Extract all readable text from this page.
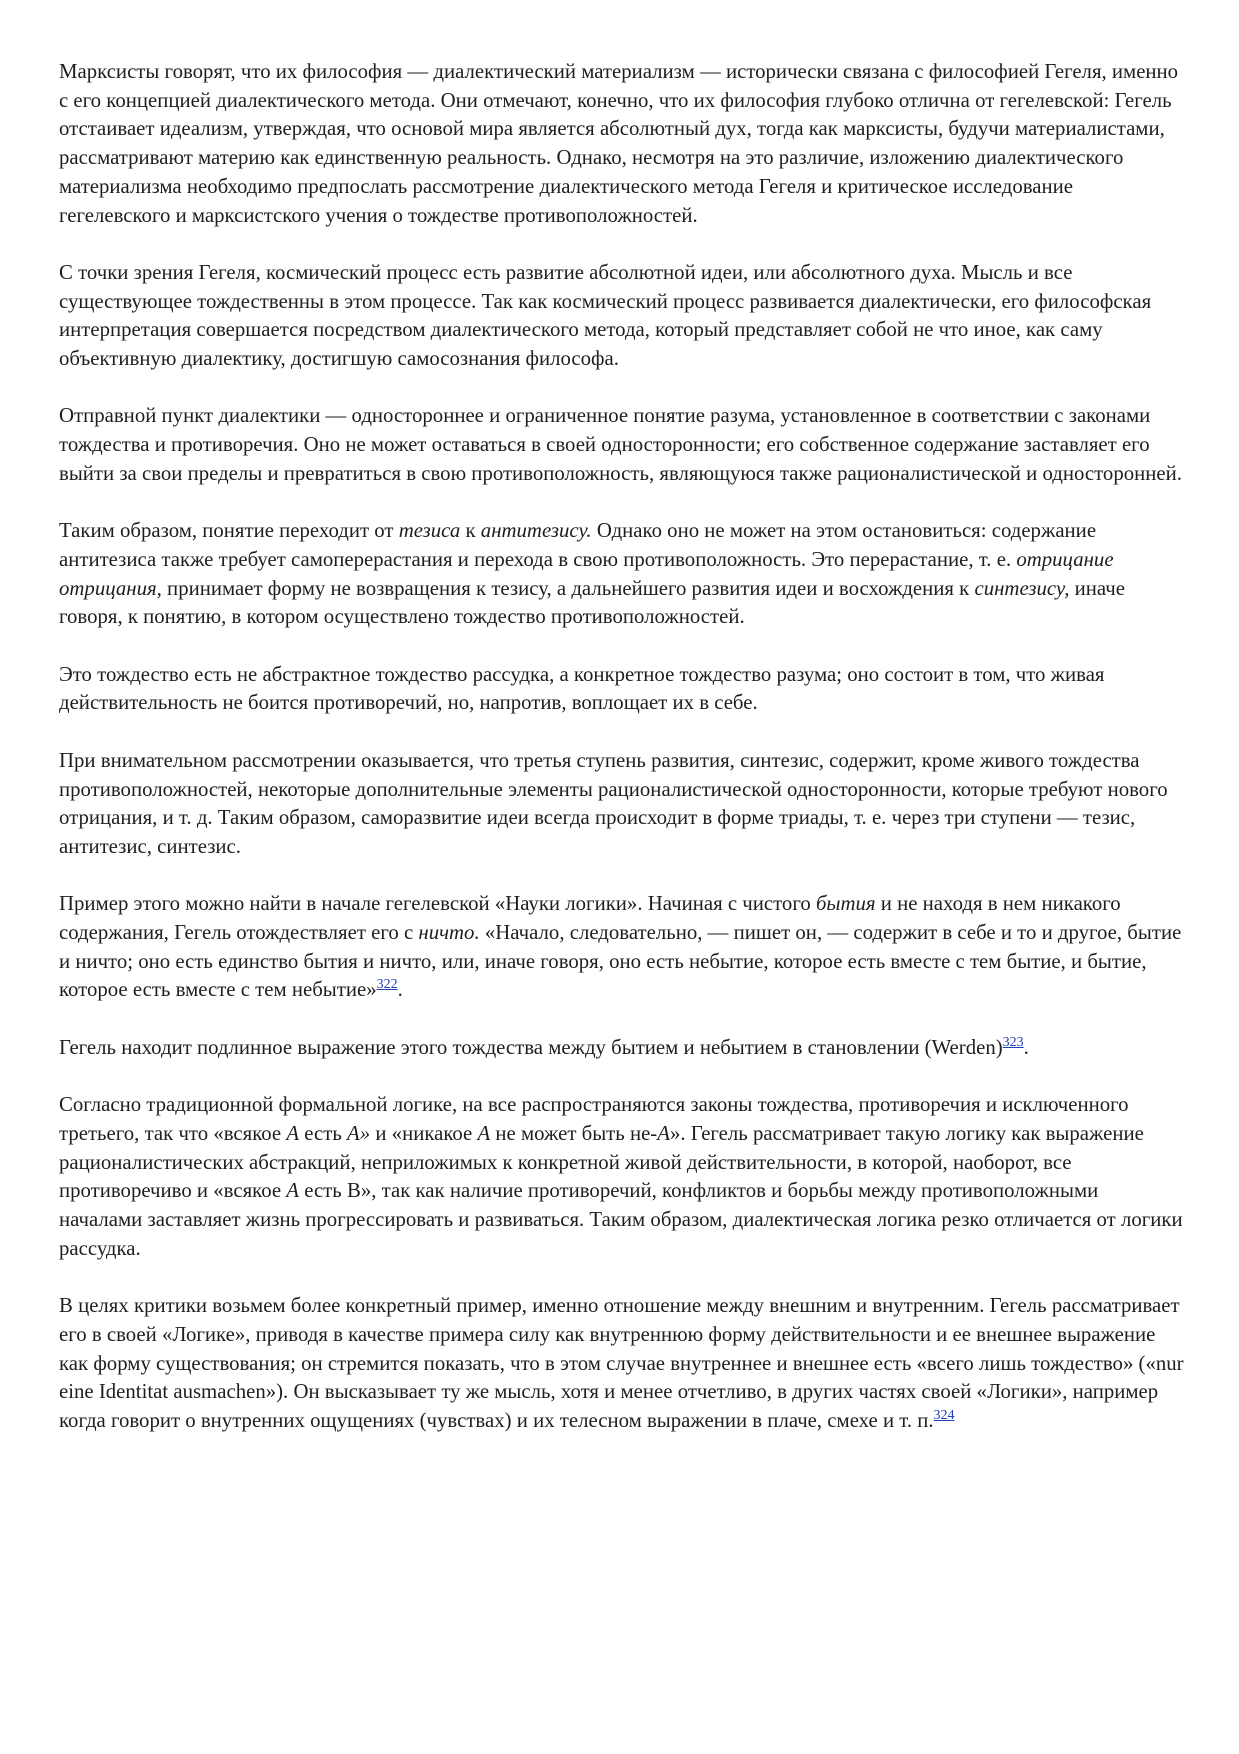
Марксисты говорят, что их философия — диалектический материализм — исторически связана с философией Гегеля, именно с его концепцией диалектического метода. Они отмечают, конечно, что их философия глубоко отлична от гегелевской: Гегель отстаивает идеализм, утверждая, что основой мира является абсолютный дух, тогда как марксисты, будучи материалистами, рассматривают материю как единственную реальность. Однако, несмотря на это различие, изложению диалектического материализма необходимо предпослать рассмотрение диалектического метода Гегеля и критическое исследование гегелевского и марксистского учения о тождестве противоположностей.

С точки зрения Гегеля, космический процесс есть развитие абсолютной идеи, или абсолютного духа. Мысль и все существующее тождественны в этом процессе. Так как космический процесс развивается диалектически, его философская интерпретация совершается посредством диалектического метода, который представляет собой не что иное, как саму объективную диалектику, достигшую самосознания философа.

Отправной пункт диалектики — одностороннее и ограниченное понятие разума, установленное в соответствии с законами тождества и противоречия. Оно не может оставаться в своей односторонности; его собственное содержание заставляет его выйти за свои пределы и превратиться в свою противоположность, являющуюся также рационалистической и односторонней.

Таким образом, понятие переходит от тезиса к антитезису. Однако оно не может на этом остановиться: содержание антитезиса также требует самоперерастания и перехода в свою противоположность. Это перерастание, т. е. отрицание отрицания, принимает форму не возвращения к тезису, а дальнейшего развития идеи и восхождения к синтезису, иначе говоря, к понятию, в котором осуществлено тождество противоположностей.

Это тождество есть не абстрактное тождество рассудка, а конкретное тождество разума; оно состоит в том, что живая действительность не боится противоречий, но, напротив, воплощает их в себе.

При внимательном рассмотрении оказывается, что третья ступень развития, синтезис, содержит, кроме живого тождества противоположностей, некоторые дополнительные элементы рационалистической односторонности, которые требуют нового отрицания, и т. д. Таким образом, саморазвитие идеи всегда происходит в форме триады, т. е. через три ступени — тезис, антитезис, синтезис.

Пример этого можно найти в начале гегелевской «Науки логики». Начиная с чистого бытия и не находя в нем никакого содержания, Гегель отождествляет его с ничто. «Начало, следовательно, — пишет он, — содержит в себе и то и другое, бытие и ничто; оно есть единство бытия и ничто, или, иначе говоря, оно есть небытие, которое есть вместе с тем бытие, и бытие, которое есть вместе с тем небытие»$^{322}$.

Гегель находит подлинное выражение этого тождества между бытием и небытием в становлении (Werden)$^{323}$.

Согласно традиционной формальной логике, на все распространяются законы тождества, противоречия и исключенного третьего, так что «всякое А есть А» и «никакое А не может быть не-А». Гегель рассматривает такую логику как выражение рационалистических абстракций, неприложимых к конкретной живой действительности, в которой, наоборот, все противоречиво и «всякое А есть В», так как наличие противоречий, конфликтов и борьбы между противоположными началами заставляет жизнь прогрессировать и развиваться. Таким образом, диалектическая логика резко отличается от логики рассудка.

В целях критики возьмем более конкретный пример, именно отношение между внешним и внутренним. Гегель рассматривает его в своей «Логике», приводя в качестве примера силу как внутреннюю форму действительности и ее внешнее выражение как форму существования; он стремится показать, что в этом случае внутреннее и внешнее есть «всего лишь тождество» («nur eine Identitat ausmachen»). Он высказывает ту же мысль, хотя и менее отчетливо, в других частях своей «Логики», например когда говорит о внутренних ощущениях (чувствах) и их телесном выражении в плаче, смехе и т. п.$^{324}$
